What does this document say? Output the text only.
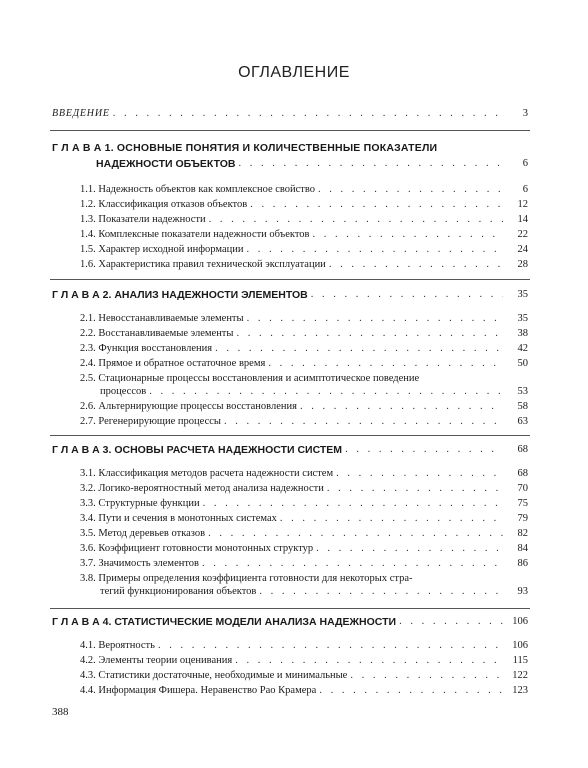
ОГЛАВЛЕНИЕ
ВВЕДЕНИЕ . . .	3
Г Л А В А 1. ОСНОВНЫЕ ПОНЯТИЯ И КОЛИЧЕСТВЕННЫЕ ПОКАЗАТЕЛИ
НАДЕЖНОСТИ ОБЪЕКТОВ . . .	6
1.1. Надежность объектов как комплексное свойство . . .	6
1.2. Классификация отказов объектов . . .	12
1.3. Показатели надежности . . .	14
1.4. Комплексные показатели надежности объектов . . .	22
1.5. Характер исходной информации . . .	24
1.6. Характеристика правил технической эксплуатации . . .	28
Г Л А В А 2. АНАЛИЗ НАДЕЖНОСТИ ЭЛЕМЕНТОВ . . .	35
2.1. Невосстанавливаемые элементы . . .	35
2.2. Восстанавливаемые элементы . . .	38
2.3. Функция восстановления . . .	42
2.4. Прямое и обратное остаточное время . . .	50
2.5. Стационарные процессы восстановления и асимптотическое поведение
процессов . . .	53
2.6. Альтернирующие процессы восстановления . . .	58
2.7. Регенерирующие процессы . . .	63
Г Л А В А 3. ОСНОВЫ РАСЧЕТА НАДЕЖНОСТИ СИСТЕМ . . .	68
3.1. Классификация методов расчета надежности систем . . .	68
3.2. Логико-вероятностный метод анализа надежности . . .	70
3.3. Структурные функции . . .	75
3.4. Пути и сечения в монотонных системах . . .	79
3.5. Метод деревьев отказов . . .	82
3.6. Коэффициент готовности монотонных структур . . .	84
3.7. Значимость элементов . . .	86
3.8. Примеры определения коэффициента готовности для некоторых стра-
тегий функционирования объектов . . .	93
Г Л А В А 4. СТАТИСТИЧЕСКИЕ МОДЕЛИ АНАЛИЗА НАДЕЖНОСТИ . . .	106
4.1. Вероятность . . .	106
4.2. Элементы теории оценивания . . .	115
4.3. Статистики достаточные, необходимые и минимальные . . .	122
4.4. Информация Фишера. Неравенство Рао Крамера . . .	123
388
